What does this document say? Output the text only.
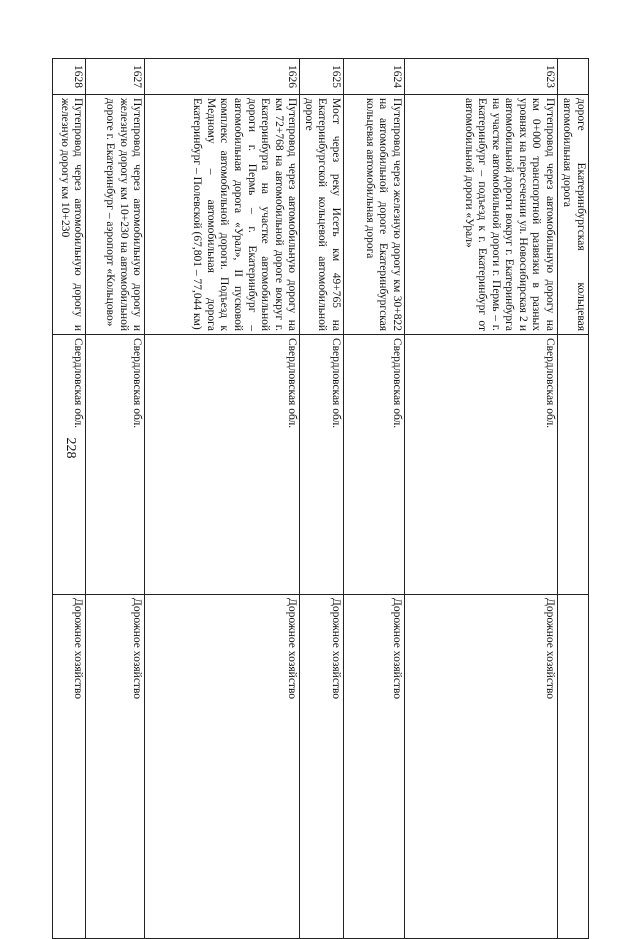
228
	дороге Екатеринбургская кольцевая автомобильная дорога		
1623	Путепровод через автомобильную дорогу на км 0+000 транспортной развязки в разных уровнях на пересечении ул. Новосибирская 2 и автомобильной дороги вокруг г. Екатеринбурга на участке автомобильной дороги г. Пермь – г. Екатеринбург – подъезд к г. Екатеринбург от автомобильной дороги «Урал»	Свердловская обл.	Дорожное хозяйство
1624	Путепровод через железную дорогу км 30+822 на автомобильной дороге Екатеринбургская кольцевая автомобильная дорога	Свердловская обл.	Дорожное хозяйство
1625	Мост через реку Исеть км 49+765 на Екатеринбургской кольцевой автомобильной дороге	Свердловская обл.	Дорожное хозяйство
1626	Путепровод через автомобильную дорогу на км 72+768 на автомобильной дороге вокруг г. Екатеринбурга на участке автомобильной дороги г. Пермь – г. Екатеринбург – автомобильная дорога «Урал», II пусковой комплекс автомобильной дороги. Подъезд к Медному – автомобильная дорога Екатеринбург – Полевской (67,801 – 77,044 км)	Свердловская обл.	Дорожное хозяйство
1627	Путепровод через автомобильную дорогу и железную дорогу км 10+230 на автомобильной дороге г. Екатеринбург – аэропорт «Кольцово»	Свердловская обл.	Дорожное хозяйство
1628	Путепровод через автомобильную дорогу и железную дорогу км 10+230	Свердловская обл.	Дорожное хозяйство
